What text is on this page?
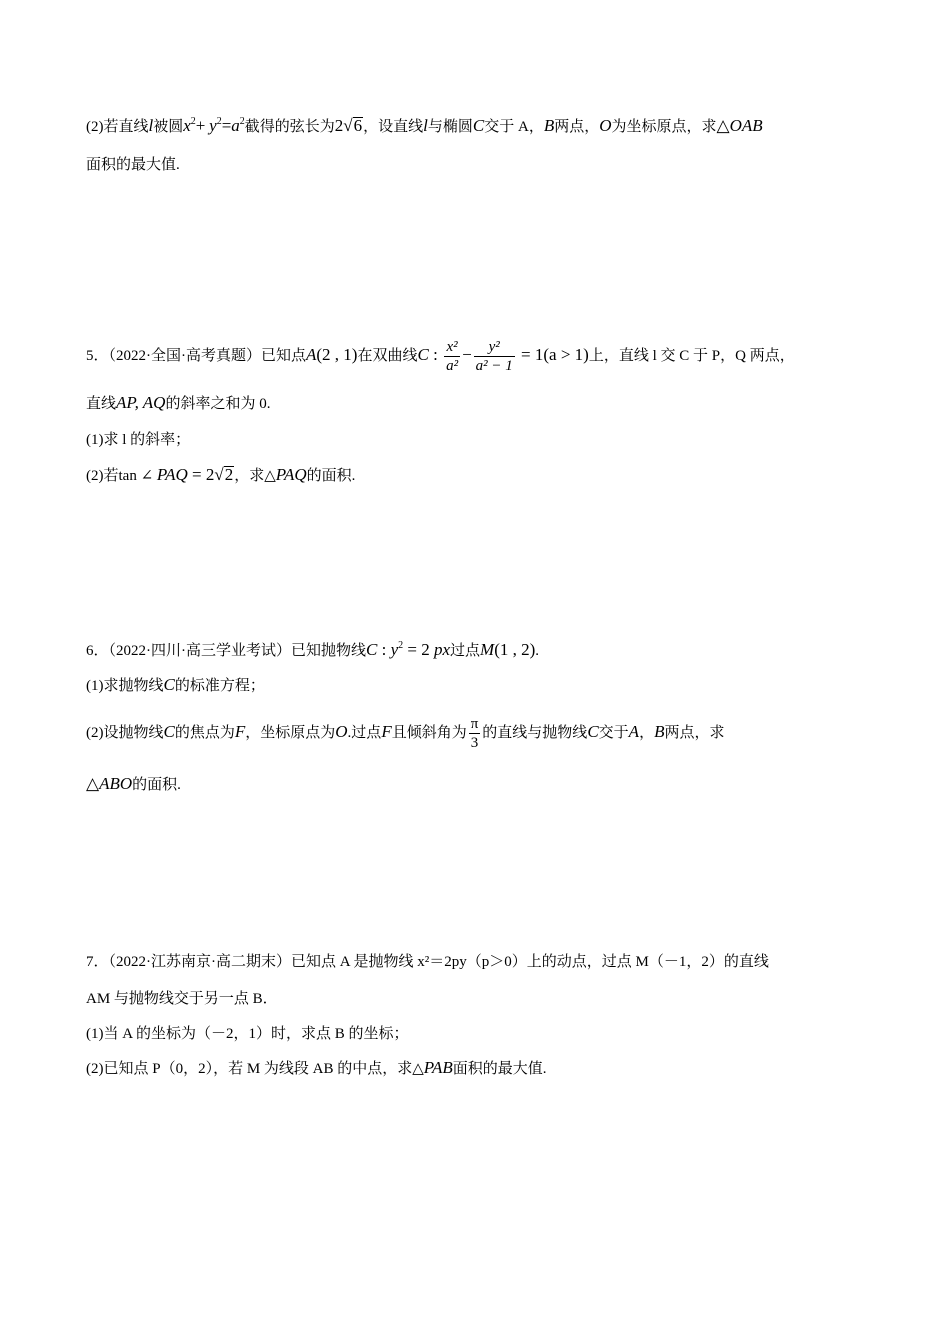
(2)若直线l被圆$x^2+ y^2=a^2$截得的弦长为2√6，设直线l与椭圆C交于 A，B两点，O为坐标原点，求△OAB
面积的最大值.
5．（2022·全国·高考真题）已知点A(2 , 1)在双曲线C : $\frac{\text{x²}}{\text{a²}} - \frac{\text{y²}}{\text{a² − 1}} = 1(a > 1)$上，直线 l 交 C 于 P，Q 两点，
直线AP, AQ的斜率之和为 0.
(1)求 l 的斜率；
(2)若tan ∠ PAQ = 2√2，求△PAQ的面积.
6．（2022·四川·高三学业考试）已知抛物线C : $y^2 = 2$ px过点M(1 , 2).
(1)求抛物线C的标准方程；
(2)设抛物线C的焦点为F，坐标原点为O.过点F且倾斜角为 $\frac{\pi}{3}$ 的直线与抛物线C交于A，B两点，求
△ABO的面积.
7．（2022·江苏南京·高二期末）已知点 A 是抛物线 x²＝2py（p＞0）上的动点，过点 M（－1，2）的直线
AM 与抛物线交于另一点 B．
(1)当 A 的坐标为（－2，1）时，求点 B 的坐标；
(2)已知点 P（0，2），若 M 为线段 AB 的中点，求△PAB面积的最大值.
